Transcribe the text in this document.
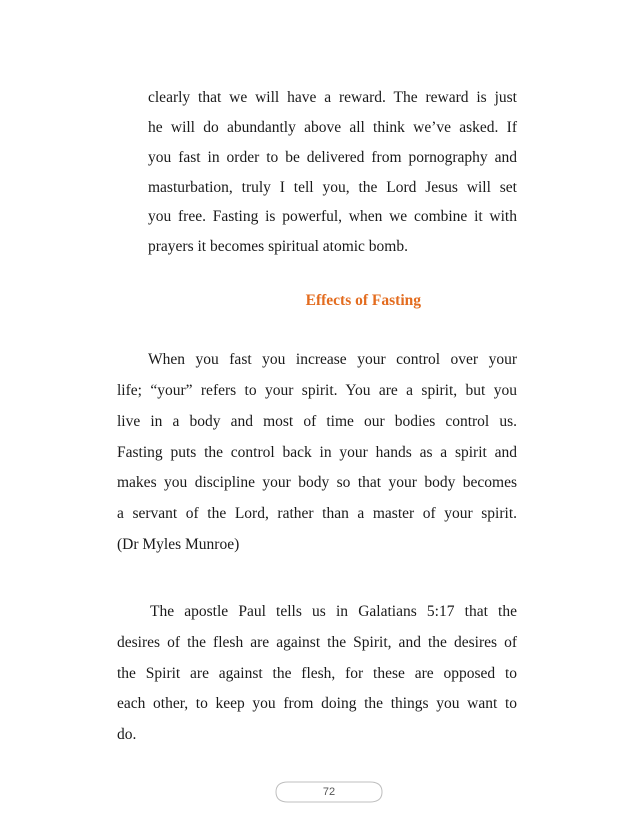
clearly that we will have a reward. The reward is just
he will do abundantly above all think we’ve asked. If
you fast in order to be delivered from pornography and
masturbation, truly I tell you, the Lord Jesus will set
you free. Fasting is powerful, when we combine it with
prayers it becomes spiritual atomic bomb.
Effects of Fasting
When you fast you increase your control over your
life; “your” refers to your spirit. You are a spirit, but you
live in a body and most of time our bodies control us.
Fasting puts the control back in your hands as a spirit and
makes you discipline your body so that your body becomes
a servant of the Lord, rather than a master of your spirit.
(Dr Myles Munroe)
The apostle Paul tells us in Galatians 5:17 that the
desires of the flesh are against the Spirit, and the desires of
the Spirit are against the flesh, for these are opposed to
each other, to keep you from doing the things you want to
do.
72
